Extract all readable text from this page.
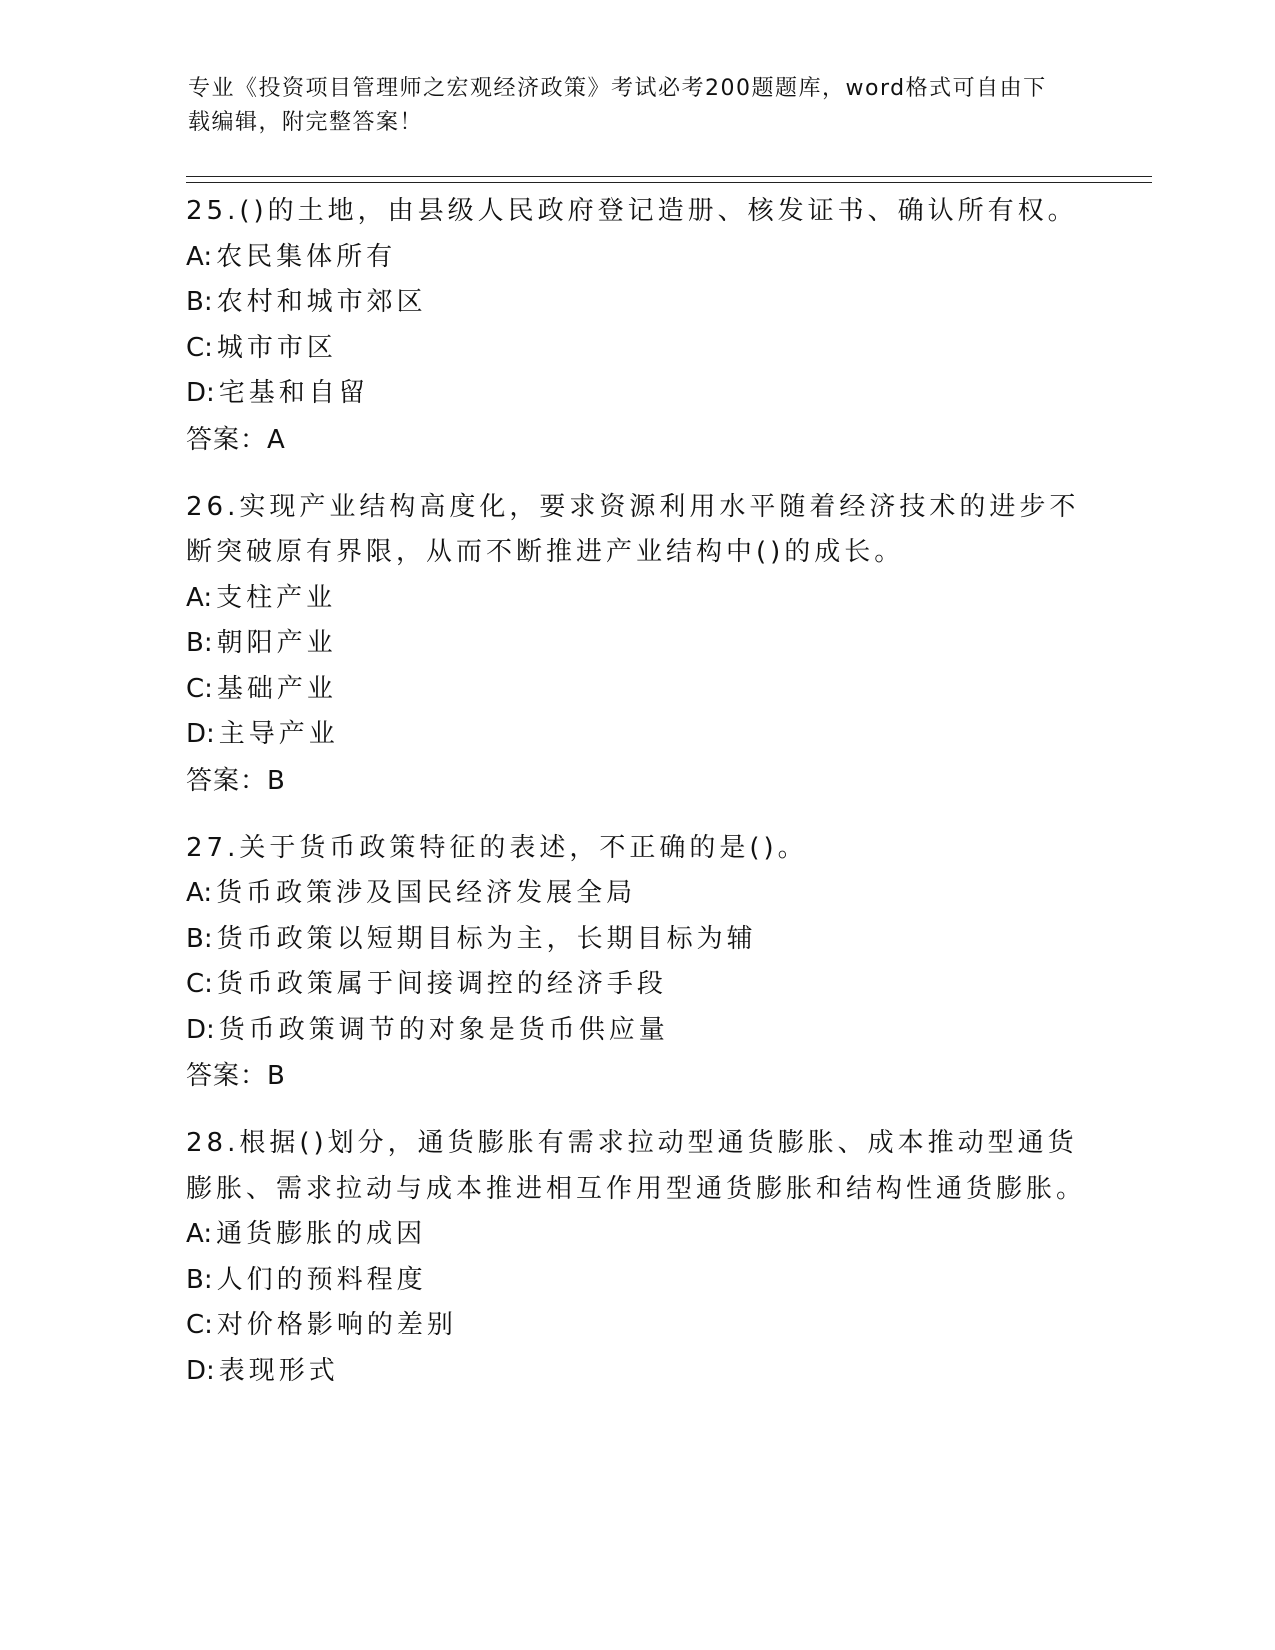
专业《投资项目管理师之宏观经济政策》考试必考200题题库，word格式可自由下载编辑，附完整答案！
25.()的土地，由县级人民政府登记造册、核发证书、确认所有权。
A: 农民集体所有
B: 农村和城市郊区
C: 城市市区
D: 宅基和自留
答案：A
26.实现产业结构高度化，要求资源利用水平随着经济技术的进步不断突破原有界限，从而不断推进产业结构中()的成长。
A: 支柱产业
B: 朝阳产业
C: 基础产业
D: 主导产业
答案：B
27.关于货币政策特征的表述，不正确的是()。
A: 货币政策涉及国民经济发展全局
B: 货币政策以短期目标为主，长期目标为辅
C: 货币政策属于间接调控的经济手段
D: 货币政策调节的对象是货币供应量
答案：B
28.根据()划分，通货膨胀有需求拉动型通货膨胀、成本推动型通货膨胀、需求拉动与成本推进相互作用型通货膨胀和结构性通货膨胀。
A: 通货膨胀的成因
B: 人们的预料程度
C: 对价格影响的差别
D: 表现形式
